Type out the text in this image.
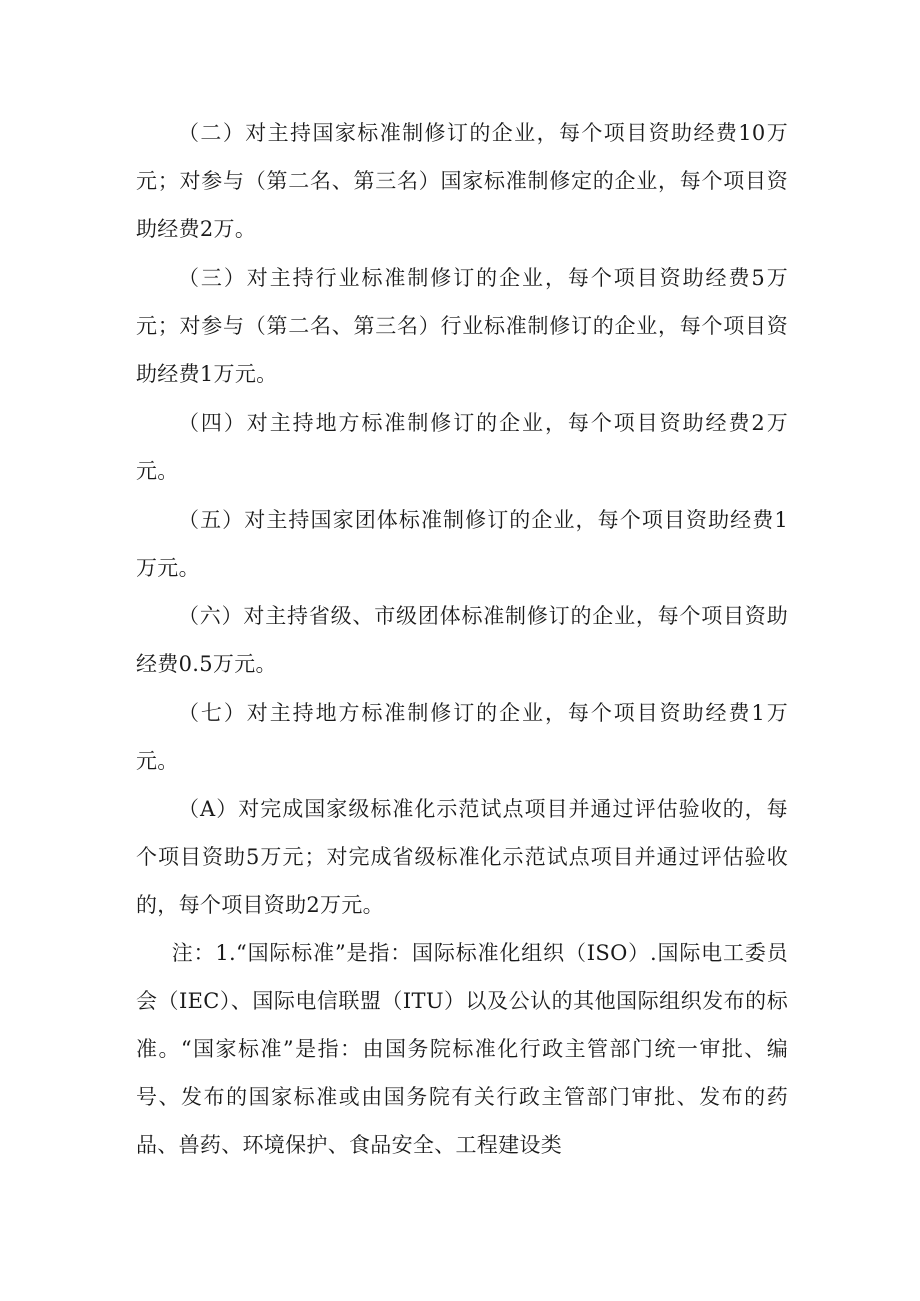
（二）对主持国家标准制修订的企业，每个项目资助经费10万元；对参与（第二名、第三名）国家标准制修定的企业，每个项目资助经费2万。

（三）对主持行业标准制修订的企业，每个项目资助经费5万元；对参与（第二名、第三名）行业标准制修订的企业，每个项目资助经费1万元。

（四）对主持地方标准制修订的企业，每个项目资助经费2万元。

（五）对主持国家团体标准制修订的企业，每个项目资助经费1万元。

（六）对主持省级、市级团体标准制修订的企业，每个项目资助经费0.5万元。

（七）对主持地方标准制修订的企业，每个项目资助经费1万元。

（A）对完成国家级标准化示范试点项目并通过评估验收的，每个项目资助5万元；对完成省级标准化示范试点项目并通过评估验收的，每个项目资助2万元。

注：1.“国际标准”是指：国际标准化组织（ISO）.国际电工委员会（IEC）、国际电信联盟（ITU）以及公认的其他国际组织发布的标准。“国家标准”是指：由国务院标准化行政主管部门统一审批、编号、发布的国家标准或由国务院有关行政主管部门审批、发布的药品、兽药、环境保护、食品安全、工程建设类
